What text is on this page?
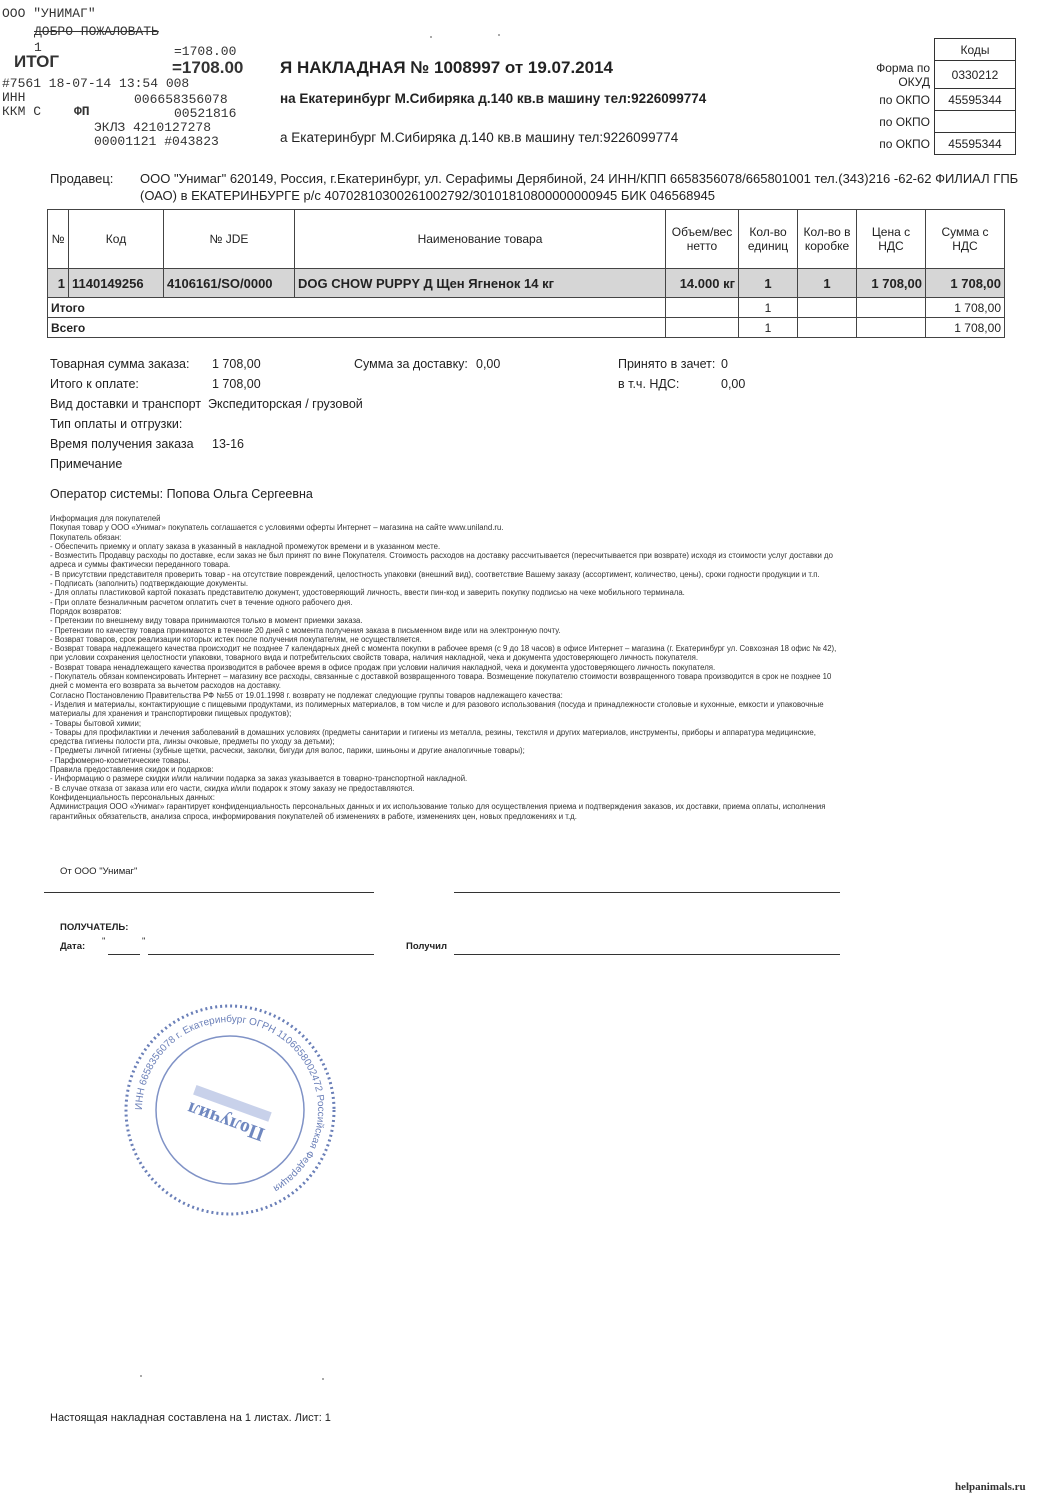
ООО "УНИМАГ"
ДОБРО ПОЖАЛОВАТЬ
1	=1708.00
ИТОГ	=1708.00
#7561 18-07-14 13:54 008
ИНН	006658356078
ККМ С	ФП	00521816
ЭКЛЗ 4210127278
00001121 #043823
Я НАКЛАДНАЯ № 1008997 от 19.07.2014
на Екатеринбург М.Сибиряка д.140 кв.в машину тел:9226099774
а Екатеринбург М.Сибиряка д.140 кв.в машину тел:9226099774
	Коды
Форма по ОКУД	0330212
по ОКПО	45595344
по ОКПО	
по ОКПО	45595344
Продавец: ООО "Унимаг" 620149, Россия, г.Екатеринбург, ул. Серафимы Дерябиной, 24 ИНН/КПП 6658356078/665801001 тел.(343)216 -62-62 ФИЛИАЛ ГПБ (ОАО) в ЕКАТЕРИНБУРГЕ р/с 40702810300261002792/30101810800000000945 БИК 046568945
№	Код	№ JDE	Наименование товара	Объем/вес нетто	Кол-во единиц	Кол-во в коробке	Цена с НДС	Сумма с НДС
1	1140149256	4106161/SO/0000	DOG CHOW PUPPY Д Щен Ягненок 14 кг	14.000 кг	1	1	1 708,00	1 708,00
Итого					1			1 708,00
Всего					1			1 708,00
Товарная сумма заказа: 1 708,00	Сумма за доставку: 0,00	Принято в зачет: 0
Итого к оплате:	1 708,00	в т.ч. НДС:	0,00
Вид доставки и транспорт Экспедиторская / грузовой
Тип оплаты и отгрузки:
Время получения заказа 13-16
Примечание
Оператор системы: Попова Ольга Сергеевна
Информация для покупателей
Покупая товар у ООО «Унимаг» покупатель соглашается с условиями оферты Интернет – магазина на сайте www.uniland.ru.
Покупатель обязан:
- Обеспечить приемку и оплату заказа в указанный в накладной промежуток времени и в указанном месте.
- Возместить Продавцу расходы по доставке, если заказ не был принят по вине Покупателя. Стоимость расходов на доставку рассчитывается (пересчитывается при возврате) исходя из стоимости услуг доставки до
адреса и суммы фактически переданного товара.
- В присутствии представителя проверить товар - на отсутствие повреждений, целостность упаковки (внешний вид), соответствие Вашему заказу (ассортимент, количество, цены), сроки годности продукции и т.п.
- Подписать (заполнить) подтверждающие документы.
- Для оплаты пластиковой картой показать представителю документ, удостоверяющий личность, ввести пин-код и заверить покупку подписью на чеке мобильного терминала.
- При оплате безналичным расчетом оплатить счет в течение одного рабочего дня.
Порядок возвратов:
- Претензии по внешнему виду товара принимаются только в момент приемки заказа.
- Претензии по качеству товара принимаются в течение 20 дней с момента получения заказа в письменном виде или на электронную почту.
- Возврат товаров, срок реализации которых истек после получения покупателям, не осуществляется.
- Возврат товара надлежащего качества происходит не позднее 7 календарных дней с момента покупки в рабочее время (с 9 до 18 часов) в офисе Интернет – магазина (г. Екатеринбург ул. Совхозная 18 офис № 42),
при условии сохранения целостности упаковки, товарного вида и потребительских свойств товара, наличия накладной, чека и документа удостоверяющего личность покупателя.
- Возврат товара ненадлежащего качества производится в рабочее время в офисе продаж при условии наличия накладной, чека и документа удостоверяющего личность покупателя.
- Покупатель обязан компенсировать Интернет – магазину все расходы, связанные с доставкой возвращенного товара. Возмещение покупателю стоимости возвращенного товара производится в срок не позднее 10
дней с момента его возврата за вычетом расходов на доставку.
Согласно Постановлению Правительства РФ №55 от 19.01.1998 г. возврату не подлежат следующие группы товаров надлежащего качества:
- Изделия и материалы, контактирующие с пищевыми продуктами, из полимерных материалов, в том числе и для разового использования (посуда и принадлежности столовые и кухонные, емкости и упаковочные
материалы для хранения и транспортировки пищевых продуктов);
- Товары бытовой химии;
- Товары для профилактики и лечения заболеваний в домашних условиях (предметы санитарии и гигиены из металла, резины, текстиля и других материалов, инструменты, приборы и аппаратура медицинские,
средства гигиены полости рта, линзы очковые, предметы по уходу за детьми);
- Предметы личной гигиены (зубные щетки, расчески, заколки, бигуди для волос, парики, шиньоны и другие аналогичные товары);
- Парфюмерно-косметические товары.
Правила предоставления скидок и подарков:
- Информацию о размере скидки и/или наличии подарка за заказ указывается в товарно-транспортной накладной.
- В случае отказа от заказа или его части, скидка и/или подарок к этому заказу не предоставляются.
Конфиденциальность персональных данных:
Администрация ООО «Унимаг» гарантирует конфиденциальность персональных данных и их использование только для осуществления приема и подтверждения заказов, их доставки, приема оплаты, исполнения
гарантийных обязательств, анализа спроса, информирования покупателей об изменениях в работе, изменениях цен, новых предложениях и т.д.
От ООО "Унимаг"
ПОЛУЧАТЕЛЬ:
Дата: "	"	Получил
ИНН 6658356078 г. Екатеринбург ОГРН 1106658002472 Российская Федерация
Получил
Настоящая накладная составлена на 1 листах. Лист: 1
helpanimals.ru
